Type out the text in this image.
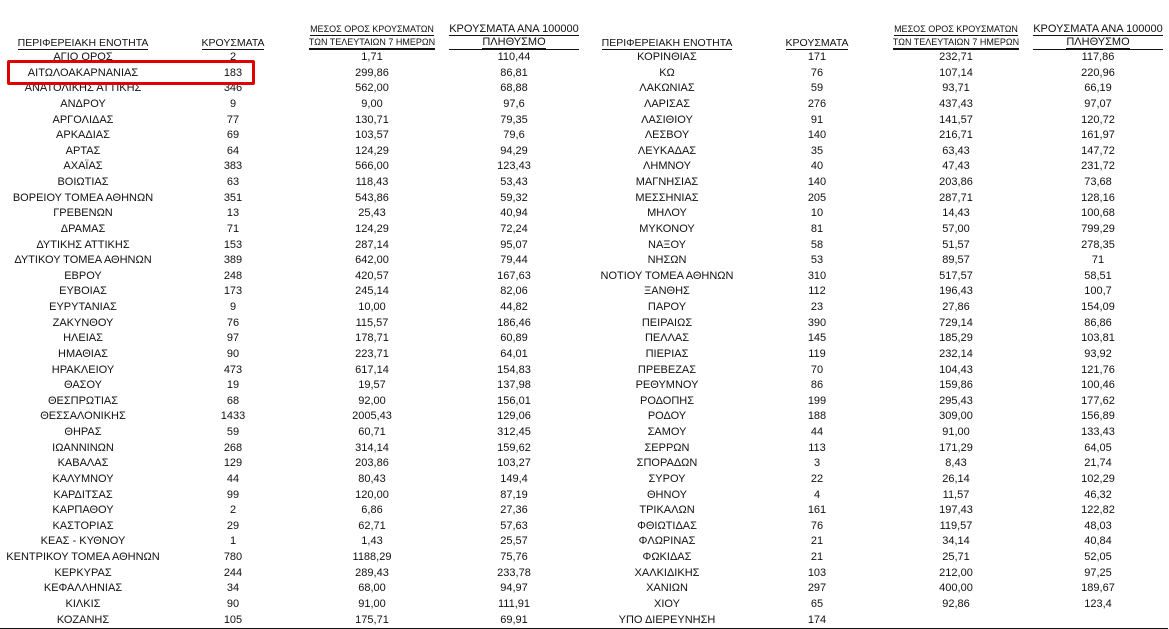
ΠΕΡΙΦΕΡΕΙΑΚΗ ΕΝΟΤΗΤΑ	ΚΡΟΥΣΜΑΤΑ	ΜΕΣΟΣ ΟΡΟΣ ΚΡΟΥΣΜΑΤΩΝ
ΤΩΝ ΤΕΛΕΥΤΑΙΩΝ 7 ΗΜΕΡΩΝ	ΚΡΟΥΣΜΑΤΑ ΑΝΑ 100000
ΠΛΗΘΥΣΜΟ
ΑΓΙΟ ΟΡΟΣ	2	1,71	110,44
ΑΙΤΩΛΟΑΚΑΡΝΑΝΙΑΣ	183	299,86	86,81
ΑΝΑΤΟΛΙΚΗΣ ΑΤΤΙΚΗΣ	346	562,00	68,88
ΑΝΔΡΟΥ	9	9,00	97,6
ΑΡΓΟΛΙΔΑΣ	77	130,71	79,35
ΑΡΚΑΔΙΑΣ	69	103,57	79,6
ΑΡΤΑΣ	64	124,29	94,29
ΑΧΑΪΑΣ	383	566,00	123,43
ΒΟΙΩΤΙΑΣ	63	118,43	53,43
ΒΟΡΕΙΟΥ ΤΟΜΕΑ ΑΘΗΝΩΝ	351	543,86	59,32
ΓΡΕΒΕΝΩΝ	13	25,43	40,94
ΔΡΑΜΑΣ	71	124,29	72,24
ΔΥΤΙΚΗΣ ΑΤΤΙΚΗΣ	153	287,14	95,07
ΔΥΤΙΚΟΥ ΤΟΜΕΑ ΑΘΗΝΩΝ	389	642,00	79,44
ΕΒΡΟΥ	248	420,57	167,63
ΕΥΒΟΙΑΣ	173	245,14	82,06
ΕΥΡΥΤΑΝΙΑΣ	9	10,00	44,82
ΖΑΚΥΝΘΟΥ	76	115,57	186,46
ΗΛΕΙΑΣ	97	178,71	60,89
ΗΜΑΘΙΑΣ	90	223,71	64,01
ΗΡΑΚΛΕΙΟΥ	473	617,14	154,83
ΘΑΣΟΥ	19	19,57	137,98
ΘΕΣΠΡΩΤΙΑΣ	68	92,00	156,01
ΘΕΣΣΑΛΟΝΙΚΗΣ	1433	2005,43	129,06
ΘΗΡΑΣ	59	60,71	312,45
ΙΩΑΝΝΙΝΩΝ	268	314,14	159,62
ΚΑΒΑΛΑΣ	129	203,86	103,27
ΚΑΛΥΜΝΟΥ	44	80,43	149,4
ΚΑΡΔΙΤΣΑΣ	99	120,00	87,19
ΚΑΡΠΑΘΟΥ	2	6,86	27,36
ΚΑΣΤΟΡΙΑΣ	29	62,71	57,63
ΚΕΑΣ - ΚΥΘΝΟΥ	1	1,43	25,57
ΚΕΝΤΡΙΚΟΥ ΤΟΜΕΑ ΑΘΗΝΩΝ	780	1188,29	75,76
ΚΕΡΚΥΡΑΣ	244	289,43	233,78
ΚΕΦΑΛΛΗΝΙΑΣ	34	68,00	94,97
ΚΙΛΚΙΣ	90	91,00	111,91
ΚΟΖΑΝΗΣ	105	175,71	69,91
ΠΕΡΙΦΕΡΕΙΑΚΗ ΕΝΟΤΗΤΑ	ΚΡΟΥΣΜΑΤΑ	ΜΕΣΟΣ ΟΡΟΣ ΚΡΟΥΣΜΑΤΩΝ
ΤΩΝ ΤΕΛΕΥΤΑΙΩΝ 7 ΗΜΕΡΩΝ	ΚΡΟΥΣΜΑΤΑ ΑΝΑ 100000
ΠΛΗΘΥΣΜΟ
ΚΟΡΙΝΘΙΑΣ	171	232,71	117,86
ΚΩ	76	107,14	220,96
ΛΑΚΩΝΙΑΣ	59	93,71	66,19
ΛΑΡΙΣΑΣ	276	437,43	97,07
ΛΑΣΙΘΙΟΥ	91	141,57	120,72
ΛΕΣΒΟΥ	140	216,71	161,97
ΛΕΥΚΑΔΑΣ	35	63,43	147,72
ΛΗΜΝΟΥ	40	47,43	231,72
ΜΑΓΝΗΣΙΑΣ	140	203,86	73,68
ΜΕΣΣΗΝΙΑΣ	205	287,71	128,16
ΜΗΛΟΥ	10	14,43	100,68
ΜΥΚΟΝΟΥ	81	57,00	799,29
ΝΑΞΟΥ	58	51,57	278,35
ΝΗΣΩΝ	53	89,57	71
ΝΟΤΙΟΥ ΤΟΜΕΑ ΑΘΗΝΩΝ	310	517,57	58,51
ΞΑΝΘΗΣ	112	196,43	100,7
ΠΑΡΟΥ	23	27,86	154,09
ΠΕΙΡΑΙΩΣ	390	729,14	86,86
ΠΕΛΛΑΣ	145	185,29	103,81
ΠΙΕΡΙΑΣ	119	232,14	93,92
ΠΡΕΒΕΖΑΣ	70	104,43	121,76
ΡΕΘΥΜΝΟΥ	86	159,86	100,46
ΡΟΔΟΠΗΣ	199	295,43	177,62
ΡΟΔΟΥ	188	309,00	156,89
ΣΑΜΟΥ	44	91,00	133,43
ΣΕΡΡΩΝ	113	171,29	64,05
ΣΠΟΡΑΔΩΝ	3	8,43	21,74
ΣΥΡΟΥ	22	26,14	102,29
ΘΗΝΟΥ	4	11,57	46,32
ΤΡΙΚΑΛΩΝ	161	197,43	122,82
ΦΘΙΩΤΙΔΑΣ	76	119,57	48,03
ΦΛΩΡΙΝΑΣ	21	34,14	40,84
ΦΩΚΙΔΑΣ	21	25,71	52,05
ΧΑΛΚΙΔΙΚΗΣ	103	212,00	97,25
ΧΑΝΙΩΝ	297	400,00	189,67
ΧΙΟΥ	65	92,86	123,4
ΥΠΟ ΔΙΕΡΕΥΝΗΣΗ	174		
